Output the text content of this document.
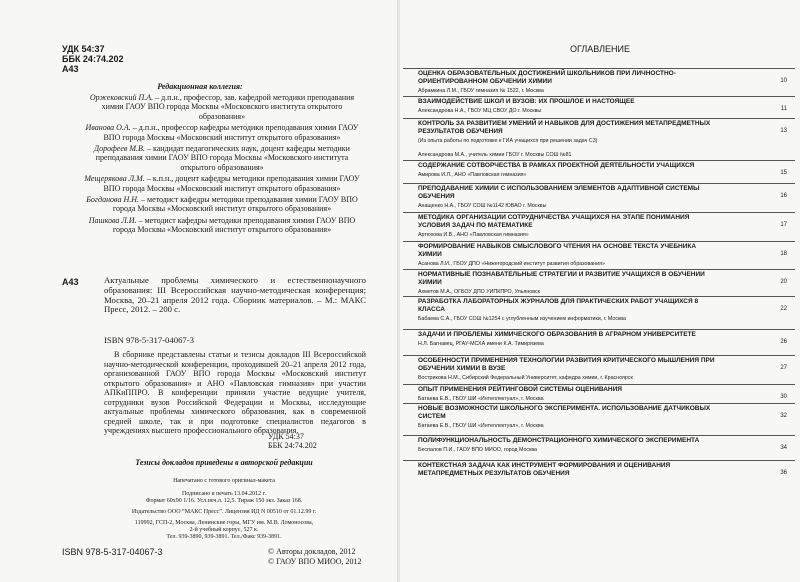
УДК 54:37
ББК 24:74.202
А43
Редакционная коллегия:
Оржековский П.А. – д.п.н., профессор, зав. кафедрой методики преподавания химии ГАОУ ВПО города Москвы «Московского института открытого образования»
Иванова О.А. – д.п.н., профессор кафедры методики преподавания химии ГАОУ ВПО города Москвы «Московский институт открытого образования»
Дорофеев М.В. – кандидат педагогических наук, доцент кафедры методики преподавания химии ГАОУ ВПО города Москвы «Московского института открытого образования»
Мещерякова Л.М. – к.п.н., доцент кафедры методики преподавания химии ГАОУ ВПО города Москвы «Московский институт открытого образования»
Богданова Н.Н. – методист кафедры методики преподавания химии ГАОУ ВПО города Москвы «Московский институт открытого образования»
Пашкова Л.И. – методист кафедры методики преподавания химии ГАОУ ВПО города Москвы «Московский институт открытого образования»
А43	Актуальные проблемы химического и естественнонаучного образования: III Всероссийская научно-методическая конференция; Москва, 20–21 апреля 2012 года. Сборник материалов. – М.: МАКС Пресс, 2012. – 200 с.
ISBN 978-5-317-04067-3
В сборнике представлены статьи и тезисы докладов III Всероссийской научно-методической конференции, проходившей 20–21 апреля 2012 года, организованной ГАОУ ВПО города Москвы «Московский институт открытого образования» и АНО «Павловская гимназия» при участии АПКиППРО. В конференции приняли участие ведущие учителя, сотрудники вузов Российской Федерации и Москвы, исследующие актуальные проблемы химического образования, как в современной средней школе, так и при подготовке специалистов педагогов в учреждениях высшего профессионального образования.
УДК 54:37
ББК 24:74.202
Тезисы докладов приведены в авторской редакции
Напечатано с готового оригинал-макета
Подписано в печать 13.04.2012 г.
Формат 60х90 1/16. Усл.печ.л. 12,5. Тираж 150 экз. Заказ 168.
Издательство ООО “МАКС Пресс”. Лицензия ИД N 00510 от 01.12.99 г.
119992, ГСП-2, Москва, Ленинские горы, МГУ им. М.В. Ломоносова,
2-й учебный корпус, 527 к.
Тел. 939-3890, 939-3891. Тел./Факс 939-3891.
ISBN 978-5-317-04067-3	© Авторы докладов, 2012
© ГАОУ ВПО МИОО, 2012
ОГЛАВЛЕНИЕ
ОЦЕНКА ОБРАЗОВАТЕЛЬНЫХ ДОСТИЖЕНИЙ ШКОЛЬНИКОВ ПРИ ЛИЧНОСТНО-ОРИЕНТИРОВАННОМ ОБУЧЕНИИ ХИМИИ
Абрамкина Л.М., ГБОУ гимназия № 1522, г. Москва
10
ВЗАИМОДЕЙСТВИЕ ШКОЛ И ВУЗОВ: ИХ ПРОШЛОЕ И НАСТОЯЩЕЕ
Александрова Н.А., ГБОУ МЦ СВОУ ДО г. Москвы	11
КОНТРОЛЬ ЗА РАЗВИТИЕМ УМЕНИЙ И НАВЫКОВ ДЛЯ ДОСТИЖЕНИЯ МЕТАПРЕДМЕТНЫХ РЕЗУЛЬТАТОВ ОБУЧЕНИЯ
(Из опыта работы по подготовке к ГИА учащихся при решении задач С3)
13
Александрова М.А., учитель химии ГБОУ г. Москвы СОШ №81
СОДЕРЖАНИЕ СОТВОРЧЕСТВА В РАМКАХ ПРОЕКТНОЙ ДЕЯТЕЛЬНОСТИ УЧАЩИХСЯ
Амирова И.Л., АНО «Павловская гимназия»	15
ПРЕПОДАВАНИЕ ХИМИИ С ИСПОЛЬЗОВАНИЕМ ЭЛЕМЕНТОВ АДАПТИВНОЙ СИСТЕМЫ ОБУЧЕНИЯ
Анащенко Н.А., ГБОУ СОШ №1142 ЮВАО г. Москвы
16
МЕТОДИКА ОРГАНИЗАЦИИ СОТРУДНИЧЕСТВА УЧАЩИХСЯ НА ЭТАПЕ ПОНИМАНИЯ УСЛОВИЯ ЗАДАЧ ПО МАТЕМАТИКЕ
Артюхова И.В., АНО «Павловская гимназия»
17
ФОРМИРОВАНИЕ НАВЫКОВ СМЫСЛОВОГО ЧТЕНИЯ НА ОСНОВЕ ТЕКСТА УЧЕБНИКА ХИМИИ
Асанова Л.И., ГБОУ ДПО «Нижегородский институт развития образования»
18
НОРМАТИВНЫЕ ПОЗНАВАТЕЛЬНЫЕ СТРАТЕГИИ И РАЗВИТИЕ УЧАЩИХСЯ В ОБУЧЕНИИ ХИМИИ
Ахметов М.А., ОГБОУ ДПО УИПКПРО, Ульяновск
20
РАЗРАБОТКА ЛАБОРАТОРНЫХ ЖУРНАЛОВ ДЛЯ ПРАКТИЧЕСКИХ РАБОТ УЧАЩИХСЯ 8 КЛАССА
Бабаева С.А., ГБОУ СОШ №1254 с углубленным изучением информатики, г. Москва
22
ЗАДАЧИ И ПРОБЛЕМЫ ХИМИЧЕСКОГО ОБРАЗОВАНИЯ В АГРАРНОМ УНИВЕРСИТЕТЕ
Н.Л. Багнавец, РГАУ-МСХА имени К.А. Тимирязева	26
ОСОБЕННОСТИ ПРИМЕНЕНИЯ ТЕХНОЛОГИИ РАЗВИТИЯ КРИТИЧЕСКОГО МЫШЛЕНИЯ ПРИ ОБУЧЕНИИ ХИМИИ В ВУЗЕ
Востриковa Н.М., Сибирский Федеральный Университет, кафедра химии, г. Красноярск
27
ОПЫТ ПРИМЕНЕНИЯ РЕЙТИНГОВОЙ СИСТЕМЫ ОЦЕНИВАНИЯ
Батаева Е.В., ГБОУ ШИ «Интеллектуал», г. Москва	30
НОВЫЕ ВОЗМОЖНОСТИ ШКОЛЬНОГО ЭКСПЕРИМЕНТА. ИСПОЛЬЗОВАНИЕ ДАТЧИКОВЫХ СИСТЕМ
Батаева Е.В., ГБОУ ШИ «Интеллектуал», г. Москва
32
ПОЛИФУНКЦИОНАЛЬНОСТЬ ДЕМОНСТРАЦИОННОГО ХИМИЧЕСКОГО ЭКСПЕРИМЕНТА
Беспалов П.И., ГАОУ ВПО МИОО, город Москва	34
КОНТЕКСТНАЯ ЗАДАЧА КАК ИНСТРУМЕНТ ФОРМИРОВАНИЯ И ОЦЕНИВАНИЯ МЕТАПРЕДМЕТНЫХ РЕЗУЛЬТАТОВ ОБУЧЕНИЯ	36
